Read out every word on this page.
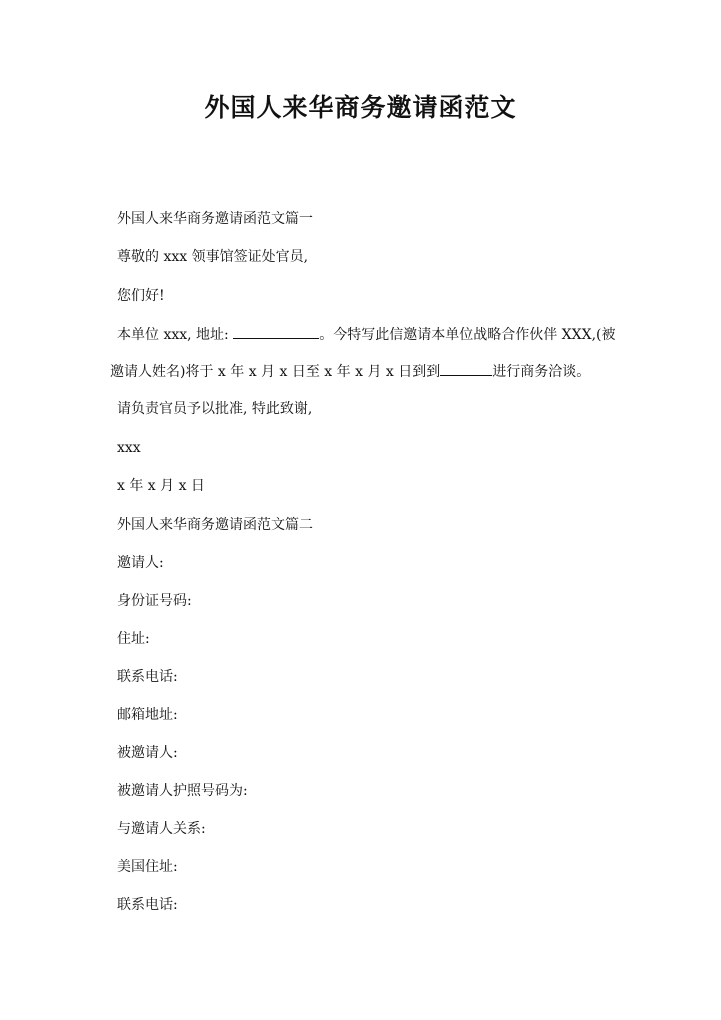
外国人来华商务邀请函范文
外国人来华商务邀请函范文篇一
尊敬的 xxx 领事馆签证处官员,
您们好!
本单位 xxx, 地址:	。今特写此信邀请本单位战略合作伙伴 XXX,(被
邀请人姓名)将于 x 年 x 月 x 日至 x 年 x 月 x 日到到	进行商务洽谈。
请负责官员予以批准, 特此致谢,
xxx
x 年 x 月 x 日
外国人来华商务邀请函范文篇二
邀请人:
身份证号码:
住址:
联系电话:
邮箱地址:
被邀请人:
被邀请人护照号码为:
与邀请人关系:
美国住址:
联系电话:
